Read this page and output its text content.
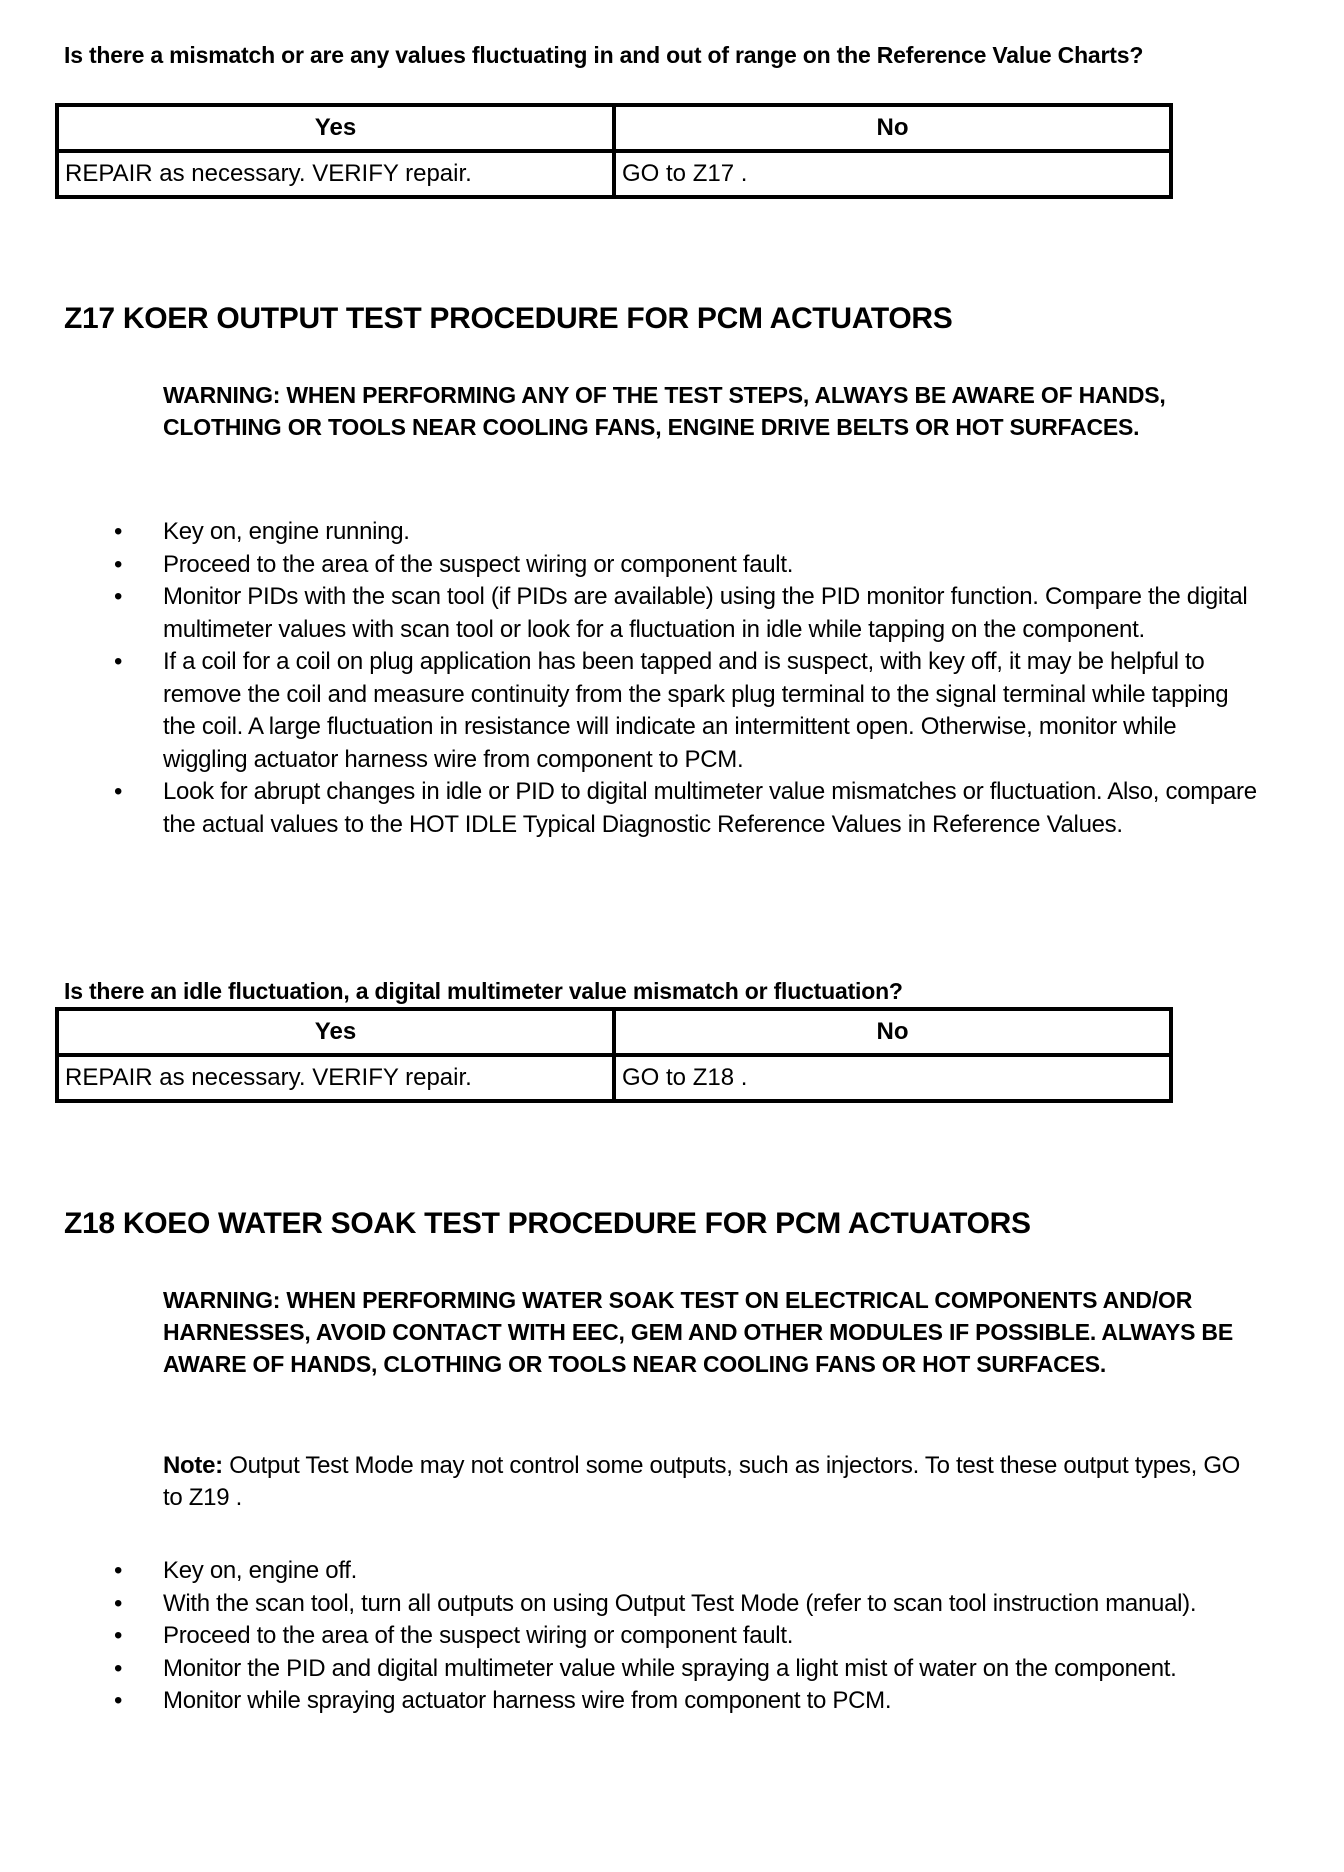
Is there a mismatch or are any values fluctuating in and out of range on the Reference Value Charts?
Yes	No
REPAIR as necessary. VERIFY repair.	GO to Z17 .
Z17 KOER OUTPUT TEST PROCEDURE FOR PCM ACTUATORS

WARNING: WHEN PERFORMING ANY OF THE TEST STEPS, ALWAYS BE AWARE OF HANDS, CLOTHING OR TOOLS NEAR COOLING FANS, ENGINE DRIVE BELTS OR HOT SURFACES.

• Key on, engine running.
• Proceed to the area of the suspect wiring or component fault.
• Monitor PIDs with the scan tool (if PIDs are available) using the PID monitor function. Compare the digital multimeter values with scan tool or look for a fluctuation in idle while tapping on the component.
• If a coil for a coil on plug application has been tapped and is suspect, with key off, it may be helpful to remove the coil and measure continuity from the spark plug terminal to the signal terminal while tapping the coil. A large fluctuation in resistance will indicate an intermittent open. Otherwise, monitor while wiggling actuator harness wire from component to PCM.
• Look for abrupt changes in idle or PID to digital multimeter value mismatches or fluctuation. Also, compare the actual values to the HOT IDLE Typical Diagnostic Reference Values in Reference Values.
Is there an idle fluctuation, a digital multimeter value mismatch or fluctuation?
Yes	No
REPAIR as necessary. VERIFY repair.	GO to Z18 .
Z18 KOEO WATER SOAK TEST PROCEDURE FOR PCM ACTUATORS

WARNING: WHEN PERFORMING WATER SOAK TEST ON ELECTRICAL COMPONENTS AND/OR HARNESSES, AVOID CONTACT WITH EEC, GEM AND OTHER MODULES IF POSSIBLE. ALWAYS BE AWARE OF HANDS, CLOTHING OR TOOLS NEAR COOLING FANS OR HOT SURFACES.

Note: Output Test Mode may not control some outputs, such as injectors. To test these output types, GO to Z19 .
• Key on, engine off.
• With the scan tool, turn all outputs on using Output Test Mode (refer to scan tool instruction manual).
• Proceed to the area of the suspect wiring or component fault.
• Monitor the PID and digital multimeter value while spraying a light mist of water on the component.
• Monitor while spraying actuator harness wire from component to PCM.
